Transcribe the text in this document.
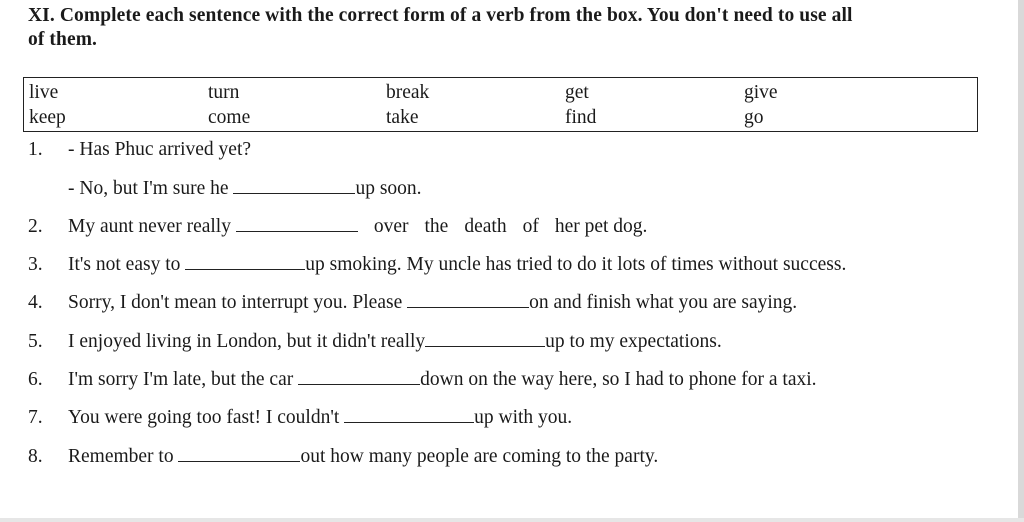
XI. Complete each sentence with the correct form of a verb from the box. You don't need to use all
of them.
live	turn	break	get	give
keep	come	take	find	go
1. - Has Phuc arrived yet?
- No, but I'm sure he	up soon.
2. My aunt never really	over the death of her pet dog.
3. It's not easy to	up smoking. My uncle has tried to do it lots of times without success.
4. Sorry, I don't mean to interrupt you. Please	on and finish what you are saying.
5. I enjoyed living in London, but it didn't really	up to my expectations.
6. I'm sorry I'm late, but the car	down on the way here, so I had to phone for a taxi.
7. You were going too fast! I couldn't	up with you.
8. Remember to	out how many people are coming to the party.
